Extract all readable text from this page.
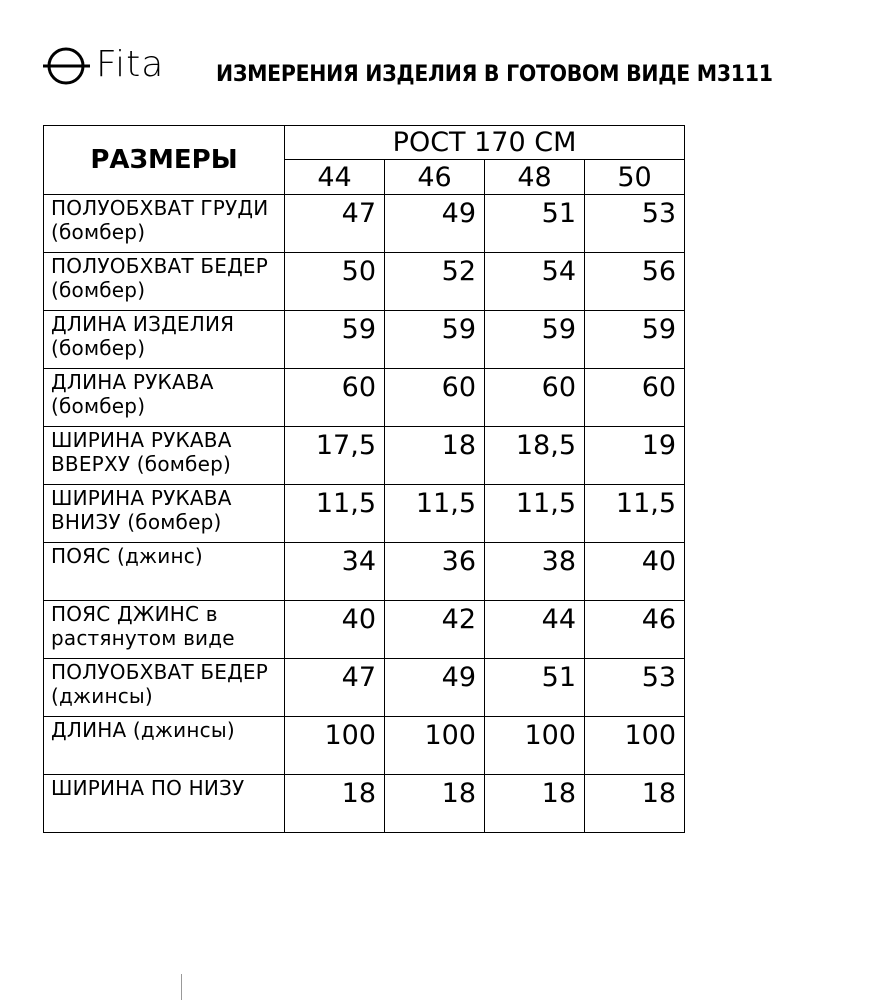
Fita ИЗМЕРЕНИЯ ИЗДЕЛИЯ В ГОТОВОМ ВИДЕ М3111
РАЗМЕРЫ	РОСТ 170 СМ			
	44	46	48	50
ПОЛУОБХВАТ ГРУДИ (бомбер)	47	49	51	53
ПОЛУОБХВАТ БЕДЕР (бомбер)	50	52	54	56
ДЛИНА ИЗДЕЛИЯ (бомбер)	59	59	59	59
ДЛИНА РУКАВА (бомбер)	60	60	60	60
ШИРИНА РУКАВА ВВЕРХУ (бомбер)	17,5	18	18,5	19
ШИРИНА РУКАВА ВНИЗУ (бомбер)	11,5	11,5	11,5	11,5
ПОЯС (джинс)	34	36	38	40
ПОЯС ДЖИНС в растянутом виде	40	42	44	46
ПОЛУОБХВАТ БЕДЕР (джинсы)	47	49	51	53
ДЛИНА (джинсы)	100	100	100	100
ШИРИНА ПО НИЗУ	18	18	18	18
